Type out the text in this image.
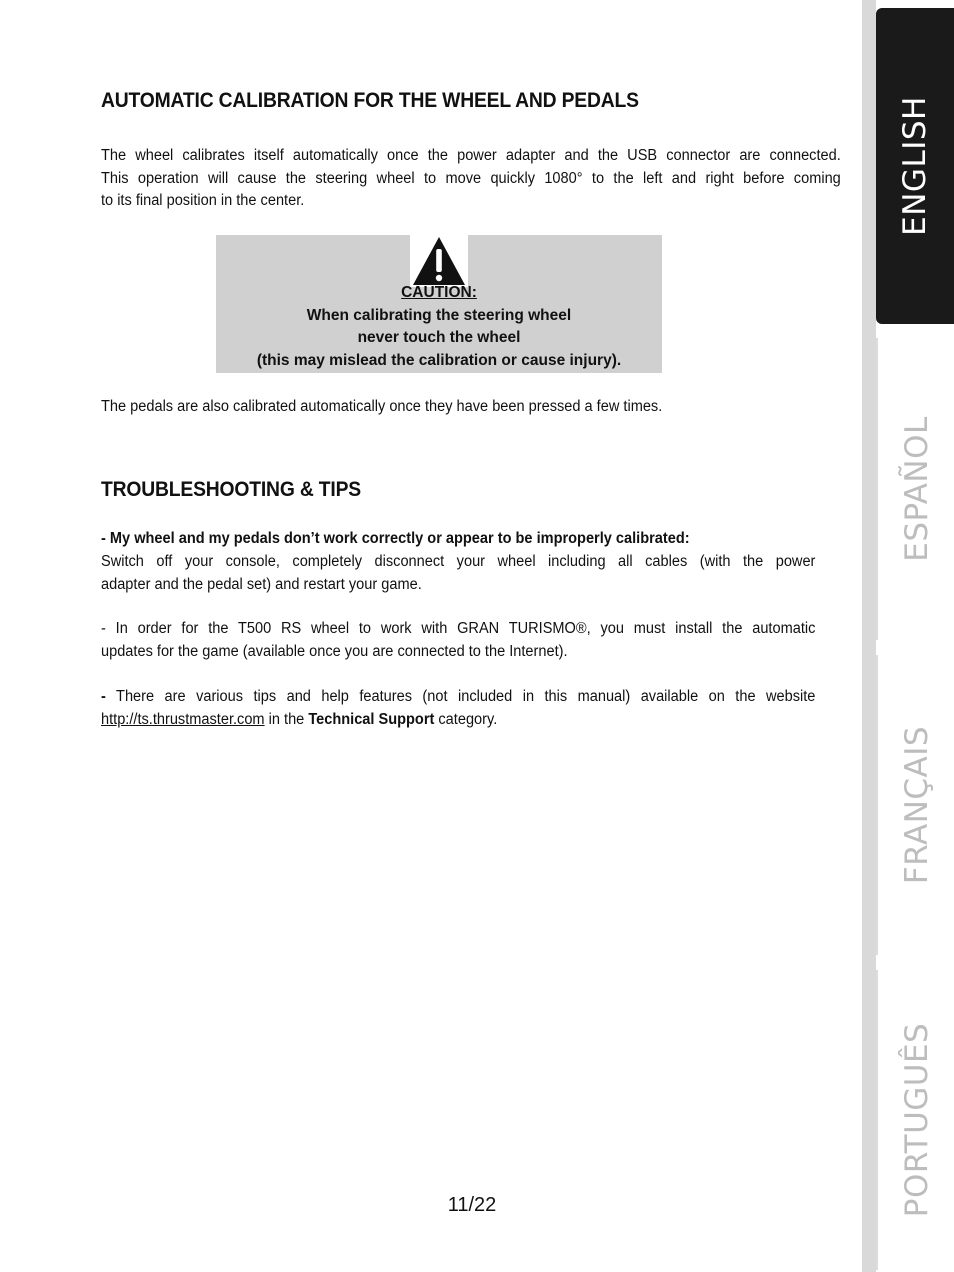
AUTOMATIC CALIBRATION FOR THE WHEEL AND PEDALS

The wheel calibrates itself automatically once the power adapter and the USB connector are connected.
This operation will cause the steering wheel to move quickly 1080° to the left and right before coming
to its final position in the center.

CAUTION:
When calibrating the steering wheel
never touch the wheel
(this may mislead the calibration or cause injury).

The pedals are also calibrated automatically once they have been pressed a few times.

TROUBLESHOOTING & TIPS

- My wheel and my pedals don’t work correctly or appear to be improperly calibrated:

Switch off your console, completely disconnect your wheel including all cables (with the power
adapter and the pedal set) and restart your game.

- In order for the T500 RS wheel to work with GRAN TURISMO®, you must install the automatic
updates for the game (available once you are connected to the Internet).

- There are various tips and help features (not included in this manual) available on the website
http://ts.thrustmaster.com in the Technical Support category.

11/22
ENGLISH
ESPAÑOL
FRANÇAIS
PORTUGUÊS
